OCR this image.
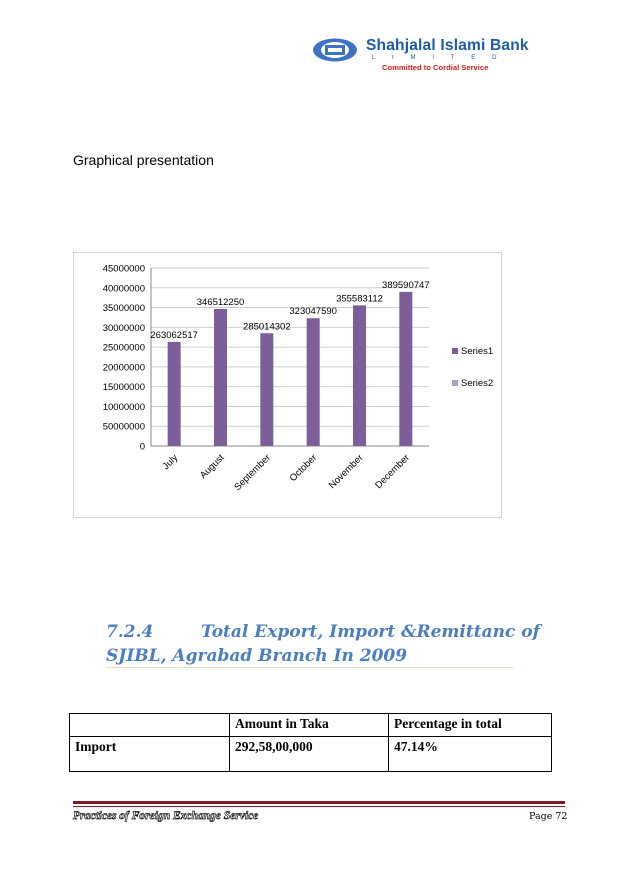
Shahjalal Islami Bank
L I M I T E D
Committed to Cordial Service
Graphical presentation
0
50000000
10000000
15000000
20000000
25000000
30000000
35000000
40000000
45000000
263062517
July
346512250
August
285014302
September
323047590
October
355583112
November
389590747
December
Series1
Series2
7.2.4	Total Export, Import &Remittanc of
SJIBL, Agrabad Branch In 2009
	Amount in Taka	Percentage in total
Import	292,58,00,000	47.14%
Practices of Foreign Exchange Service	Page 72
